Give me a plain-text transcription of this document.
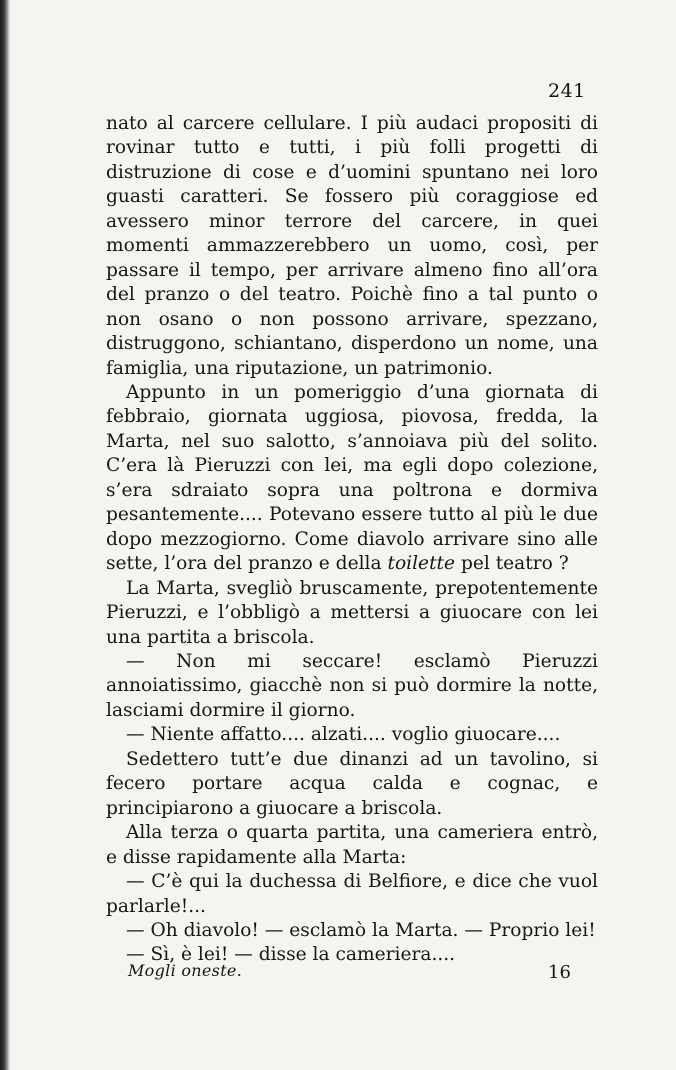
241

nato al carcere cellulare. I più audaci propositi di rovinar tutto e tutti, i più folli progetti di distruzione di cose e d’uomini spuntano nei loro guasti caratteri. Se fossero più coraggiose ed avessero minor terrore del carcere, in quei momenti ammazzerebbero un uomo, così, per passare il tempo, per arrivare almeno fino all’ora del pranzo o del teatro. Poichè fino a tal punto o non osano o non possono arrivare, spezzano, distruggono, schiantano, disperdono un nome, una famiglia, una riputazione, un patrimonio.

Appunto in un pomeriggio d’una giornata di febbraio, giornata uggiosa, piovosa, fredda, la Marta, nel suo salotto, s’annoiava più del solito. C’era là Pieruzzi con lei, ma egli dopo colezione, s’era sdraiato sopra una poltrona e dormiva pesantemente.... Potevano essere tutto al più le due dopo mezzogiorno. Come diavolo arrivare sino alle sette, l’ora del pranzo e della toilette pel teatro ?

La Marta, svegliò bruscamente, prepotentemente Pieruzzi, e l’obbligò a mettersi a giuocare con lei una partita a briscola.

— Non mi seccare! esclamò Pieruzzi annoiatissimo, giacchè non si può dormire la notte, lasciami dormire il giorno.

— Niente affatto.... alzati.... voglio giuocare....

Sedettero tutt’e due dinanzi ad un tavolino, si fecero portare acqua calda e cognac, e principiarono a giuocare a briscola.

Alla terza o quarta partita, una cameriera entrò, e disse rapidamente alla Marta:

— C’è qui la duchessa di Belfiore, e dice che vuol parlarle!...

— Oh diavolo! — esclamò la Marta. — Proprio lei!

— Sì, è lei! — disse la cameriera....

Mogli oneste.	16
